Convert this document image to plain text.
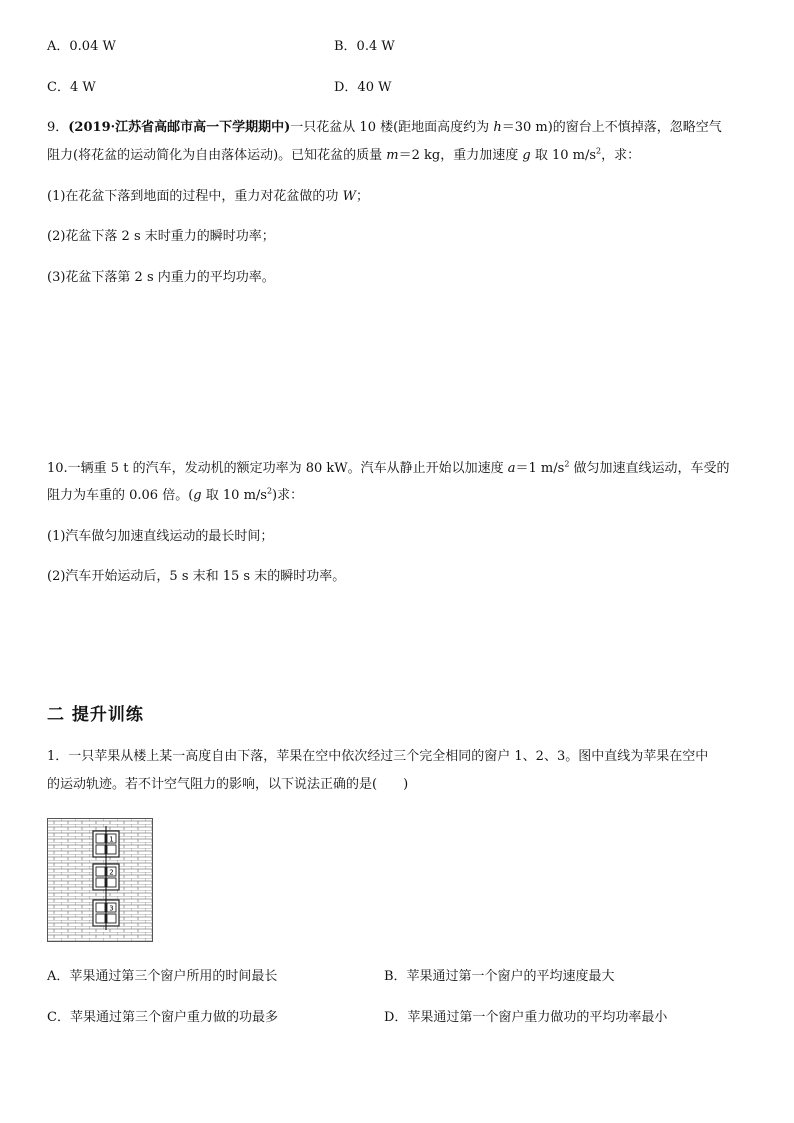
A．0.04 W	B．0.4 W
C．4 W	D．40 W
9．(2019·江苏省高邮市高一下学期期中)一只花盆从 10 楼(距地面高度约为 h＝30 m)的窗台上不慎掉落，忽略空气
阻力(将花盆的运动简化为自由落体运动)。已知花盆的质量 m＝2 kg，重力加速度 g 取 10 $m/s^2$，求：
(1)在花盆下落到地面的过程中，重力对花盆做的功 W；
(2)花盆下落 2 s 末时重力的瞬时功率；
(3)花盆下落第 2 s 内重力的平均功率。
10.一辆重 5 t 的汽车，发动机的额定功率为 80 kW。汽车从静止开始以加速度 a＝1 $m/s^2$ 做匀加速直线运动，车受的
阻力为车重的 0.06 倍。(g 取 10 $m/s^2$)求：
(1)汽车做匀加速直线运动的最长时间；
(2)汽车开始运动后，5 s 末和 15 s 末的瞬时功率。
二 提升训练
1．一只苹果从楼上某一高度自由下落，苹果在空中依次经过三个完全相同的窗户 1、2、3。图中直线为苹果在空中
的运动轨迹。若不计空气阻力的影响，以下说法正确的是(　　)
1
2
3
A．苹果通过第三个窗户所用的时间最长	B．苹果通过第一个窗户的平均速度最大
C．苹果通过第三个窗户重力做的功最多	D．苹果通过第一个窗户重力做功的平均功率最小
